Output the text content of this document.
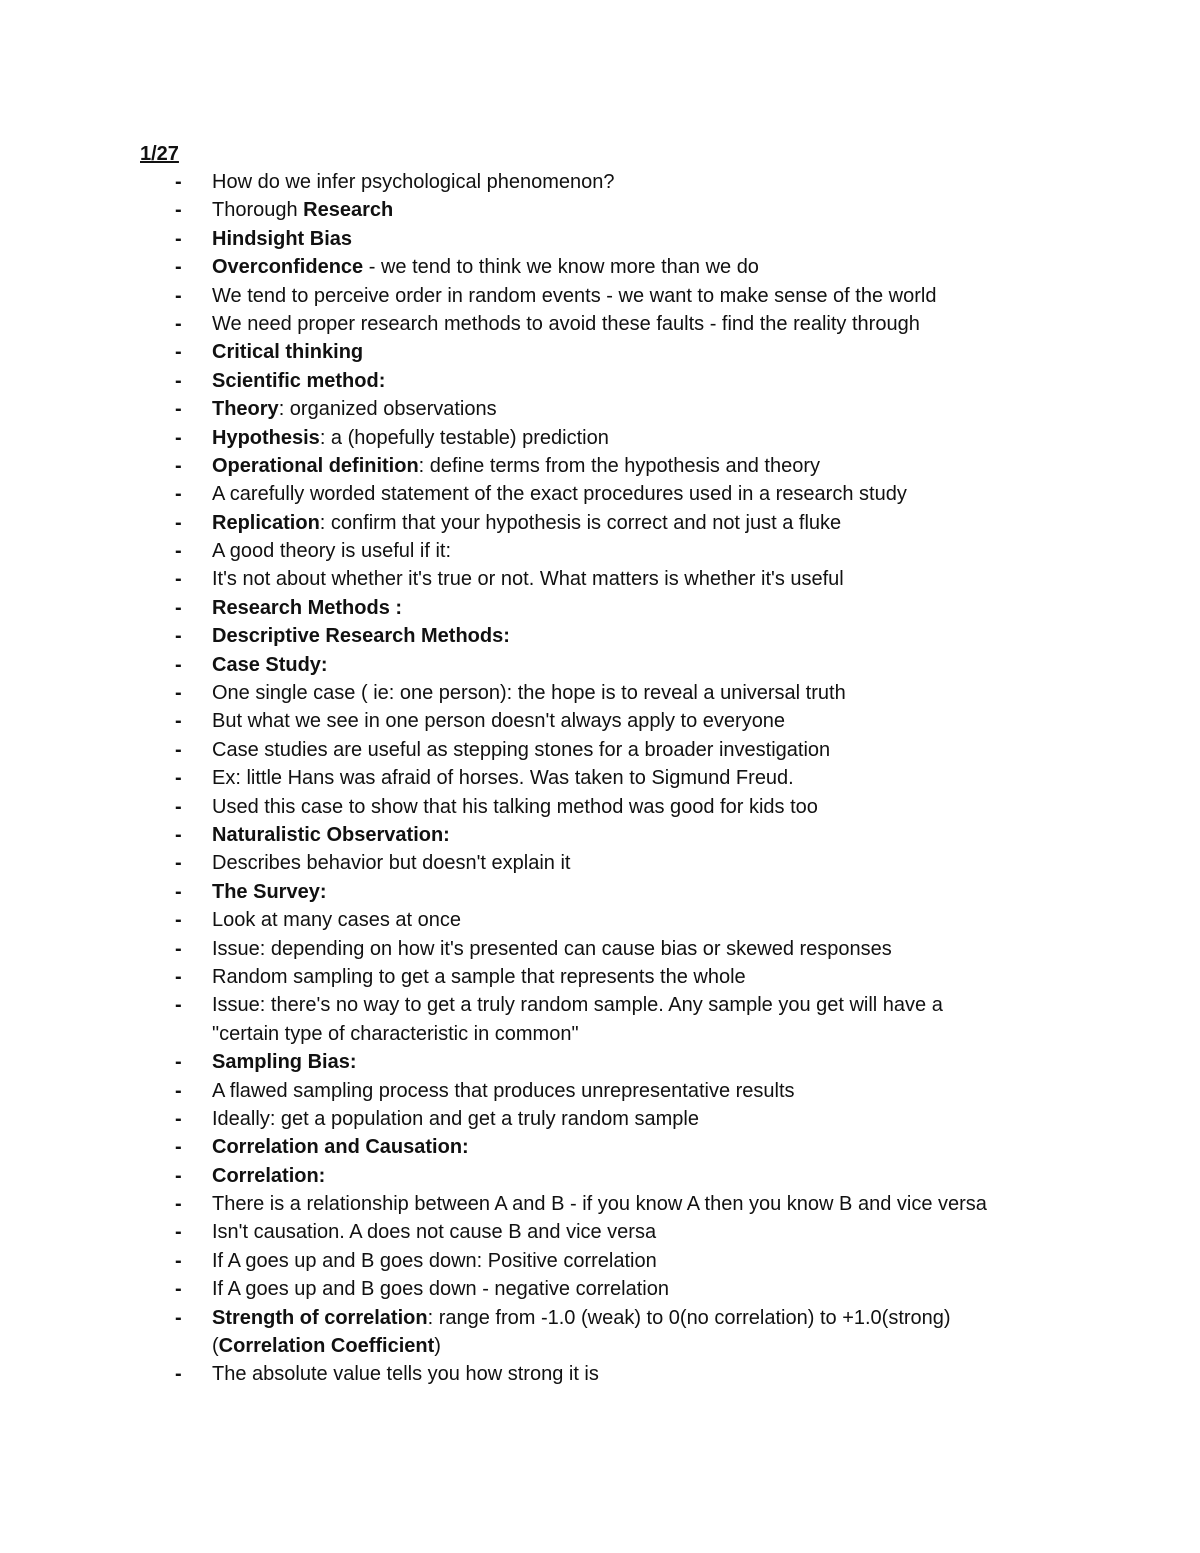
1/27
- How do we infer psychological phenomenon?
- Thorough Research
- Hindsight Bias
- Overconfidence - we tend to think we know more than we do
- We tend to perceive order in random events - we want to make sense of the world
- We need proper research methods to avoid these faults - find the reality through
- Critical thinking
- Scientific method:
- Theory: organized observations
- Hypothesis: a (hopefully testable) prediction
- Operational definition: define terms from the hypothesis and theory
- A carefully worded statement of the exact procedures used in a research study
- Replication: confirm that your hypothesis is correct and not just a fluke
- A good theory is useful if it:
- It's not about whether it's true or not. What matters is whether it's useful
- Research Methods :
- Descriptive Research Methods:
- Case Study:
- One single case ( ie: one person): the hope is to reveal a universal truth
- But what we see in one person doesn't always apply to everyone
- Case studies are useful as stepping stones for a broader investigation
- Ex: little Hans was afraid of horses. Was taken to Sigmund Freud.
- Used this case to show that his talking method was good for kids too
- Naturalistic Observation:
- Describes behavior but doesn't explain it
- The Survey:
- Look at many cases at once
- Issue: depending on how it's presented can cause bias or skewed responses
- Random sampling to get a sample that represents the whole
- Issue: there's no way to get a truly random sample. Any sample you get will have a
"certain type of characteristic in common"
- Sampling Bias:
- A flawed sampling process that produces unrepresentative results
- Ideally: get a population and get a truly random sample
- Correlation and Causation:
- Correlation:
- There is a relationship between A and B - if you know A then you know B and vice versa
- Isn't causation. A does not cause B and vice versa
- If A goes up and B goes down: Positive correlation
- If A goes up and B goes down - negative correlation
- Strength of correlation: range from -1.0 (weak) to 0(no correlation) to +1.0(strong)
(Correlation Coefficient)
- The absolute value tells you how strong it is
